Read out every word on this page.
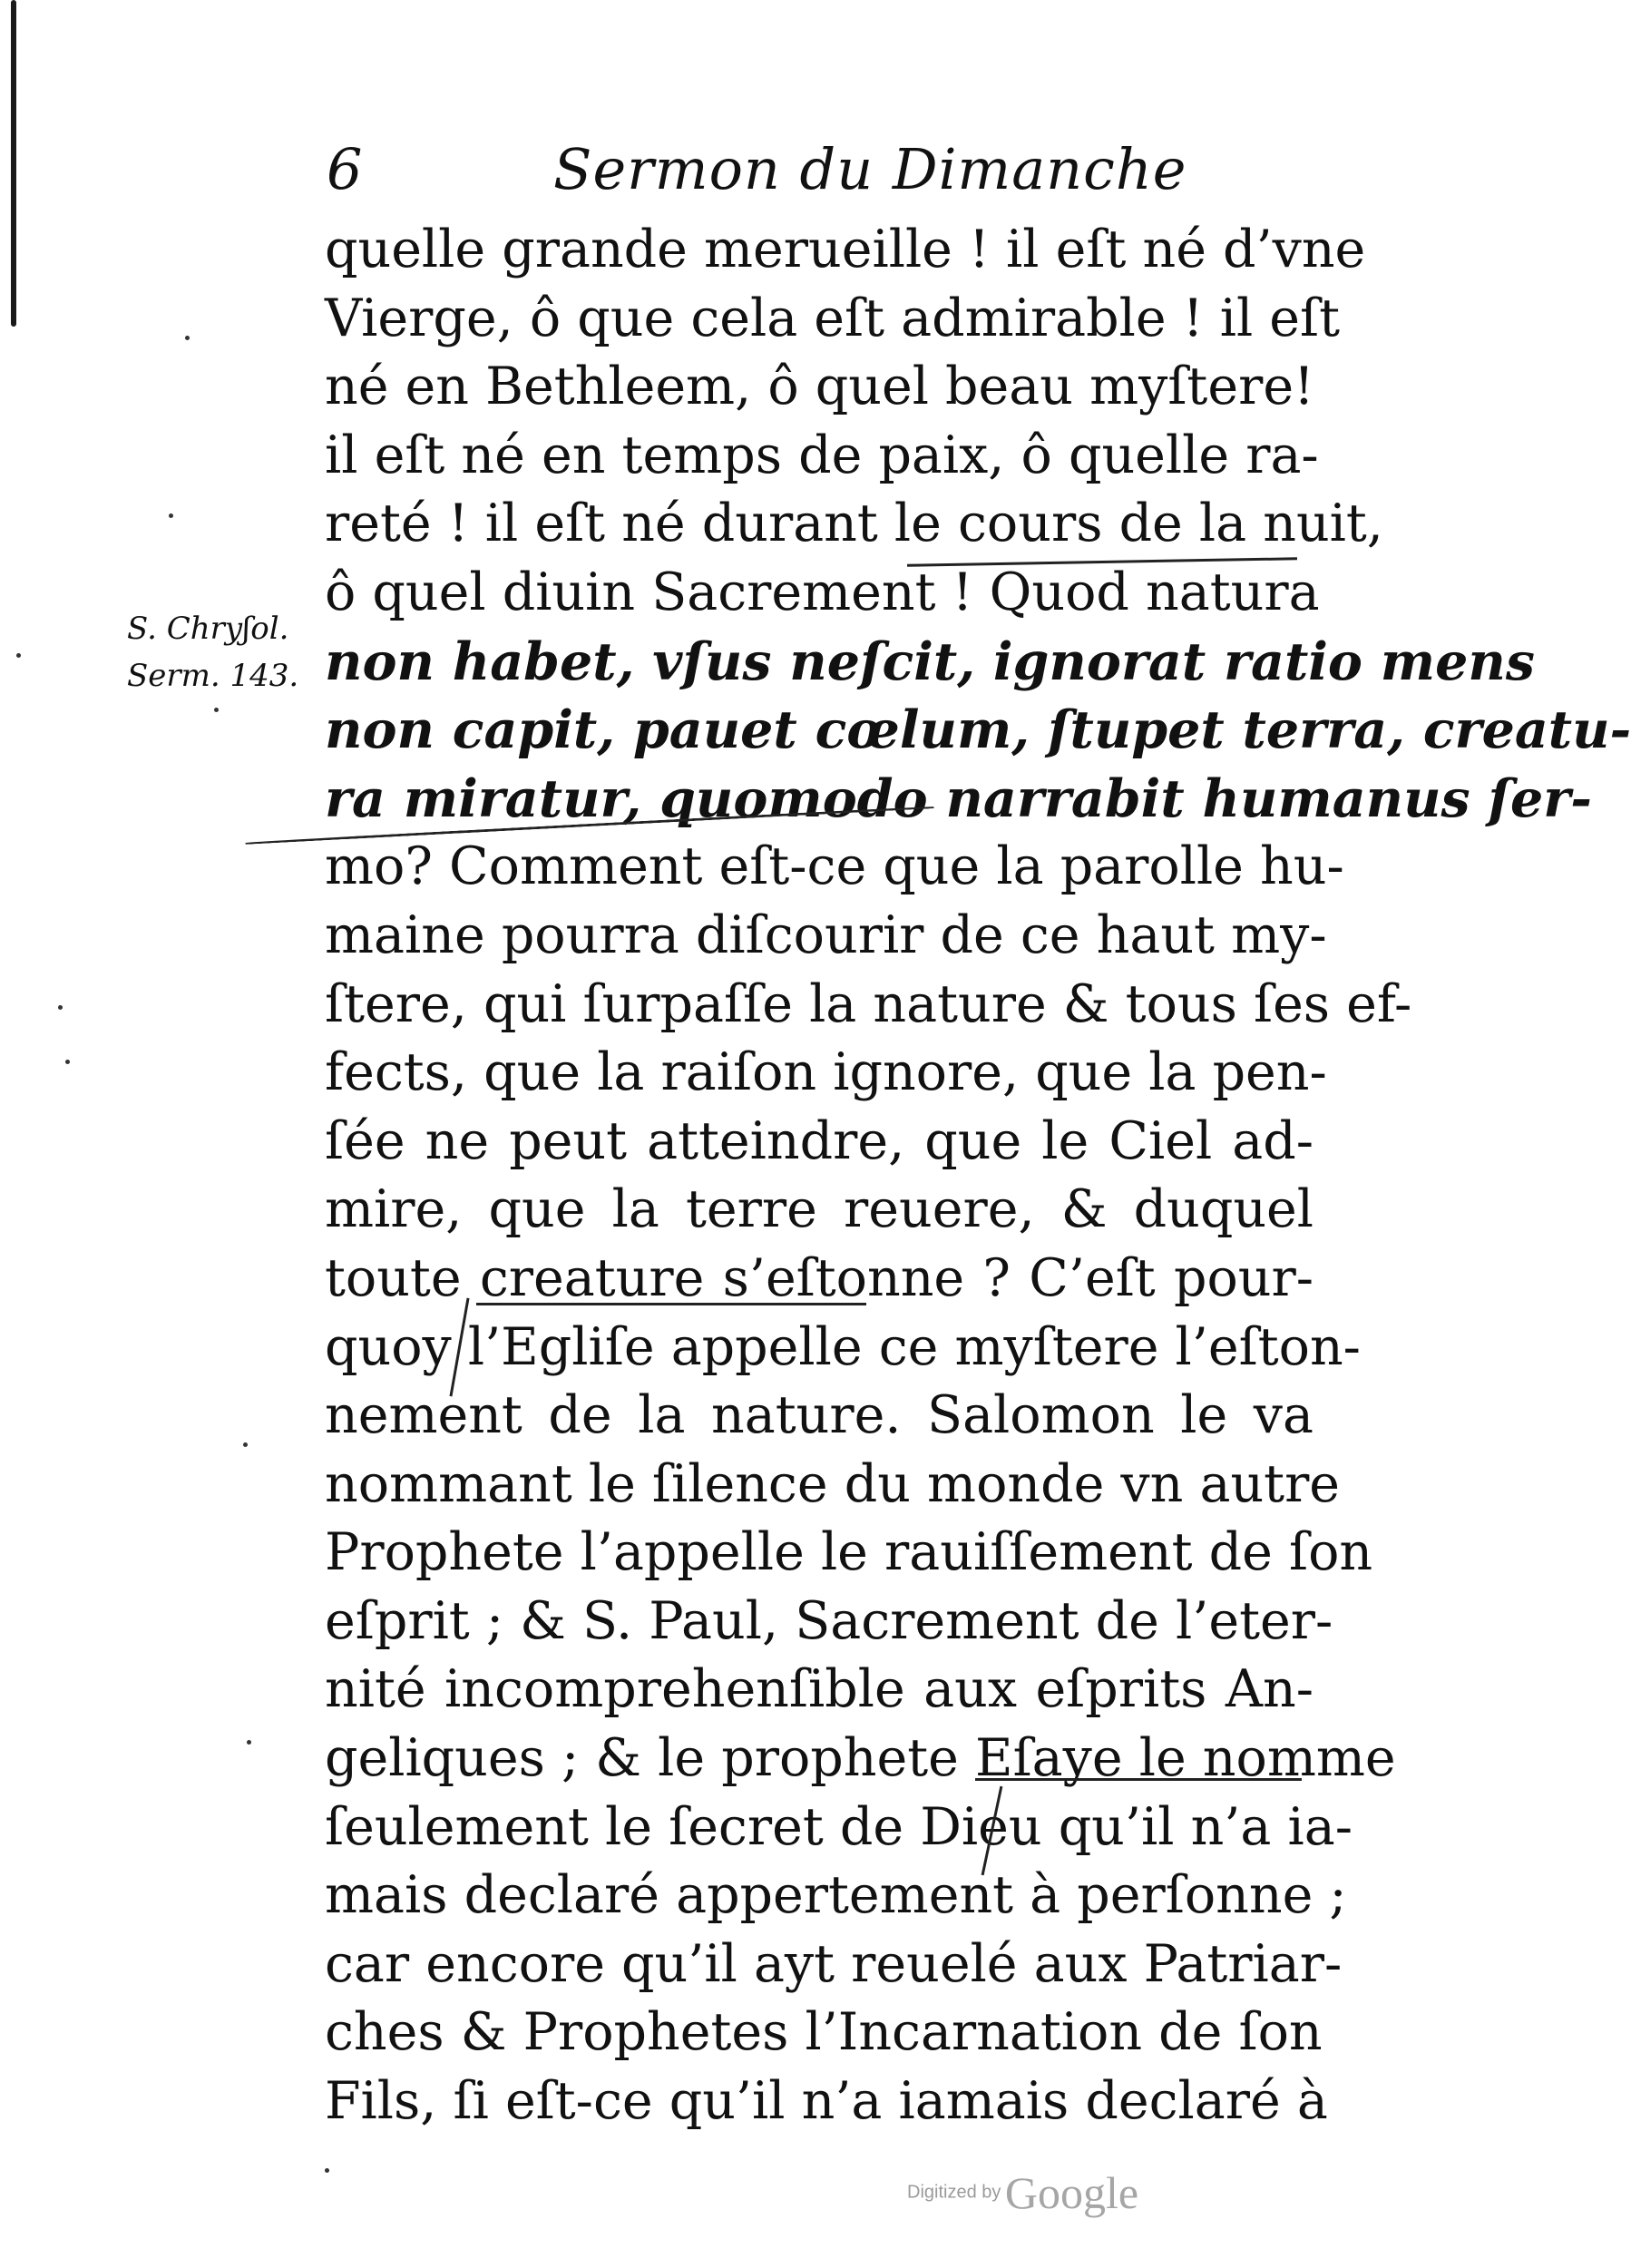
6	Sermon du Dimanche
S. Chryʃol.
Serm. 143.
quelle grande merueille ! il eſt né d’vne
Vierge, ô que cela eſt admirable ! il eſt
né en Bethleem, ô quel beau myſtere!
il eſt né en temps de paix, ô quelle ra-
reté ! il eſt né durant le cours de la nuit,
ô quel diuin Sacrement ! Quod natura
non habet, vſus neſcit, ignorat ratio mens
non capit, pauet cœlum, ſtupet terra, creatu-
ra miratur, quomodo narrabit humanus ſer-
mo? Comment eſt-ce que la parolle hu-
maine pourra diſcourir de ce haut my-
ſtere, qui ſurpaſſe la nature & tous ſes ef-
fects, que la raiſon ignore, que la pen-
ſée ne peut atteindre, que le Ciel ad-
mire, que la terre reuere, & duquel
toute creature s’eſtonne ? C’eſt pour-
quoy l’Egliſe appelle ce myſtere l’eſton-
nement de la nature. Salomon le va
nommant le ſilence du monde vn autre
Prophete l’appelle le rauiſſement de ſon
eſprit ; & S. Paul, Sacrement de l’eter-
nité incomprehenſible aux eſprits An-
geliques ; & le prophete Eſaye le nomme
ſeulement le ſecret de Dieu qu’il n’a ia-
mais declaré appertement à perſonne ;
car encore qu’il ayt reuelé aux Patriar-
ches & Prophetes l’Incarnation de ſon
Fils, ſi eſt-ce qu’il n’a iamais declaré à
Digitized by Google
